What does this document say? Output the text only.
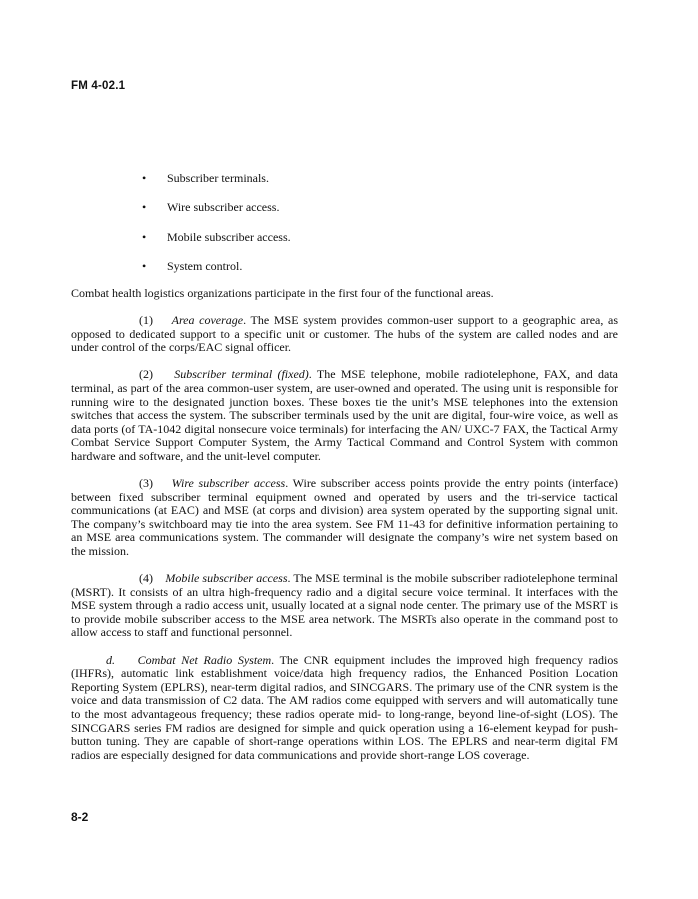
FM 4-02.1
• Subscriber terminals.
• Wire subscriber access.
• Mobile subscriber access.
• System control.

Combat health logistics organizations participate in the first four of the functional areas.

(1) Area coverage. The MSE system provides common-user support to a geographic area, as opposed to dedicated support to a specific unit or customer. The hubs of the system are called nodes and are under control of the corps/EAC signal officer.

(2) Subscriber terminal (fixed). The MSE telephone, mobile radiotelephone, FAX, and data terminal, as part of the area common-user system, are user-owned and operated. The using unit is responsible for running wire to the designated junction boxes. These boxes tie the unit’s MSE telephones into the extension switches that access the system. The subscriber terminals used by the unit are digital, four-wire voice, as well as data ports (of TA-1042 digital nonsecure voice terminals) for interfacing the AN/ UXC-7 FAX, the Tactical Army Combat Service Support Computer System, the Army Tactical Command and Control System with common hardware and software, and the unit-level computer.

(3) Wire subscriber access. Wire subscriber access points provide the entry points (interface) between fixed subscriber terminal equipment owned and operated by users and the tri-service tactical communications (at EAC) and MSE (at corps and division) area system operated by the supporting signal unit. The company’s switchboard may tie into the area system. See FM 11-43 for definitive information pertaining to an MSE area communications system. The commander will designate the company’s wire net system based on the mission.

(4) Mobile subscriber access. The MSE terminal is the mobile subscriber radiotelephone terminal (MSRT). It consists of an ultra high-frequency radio and a digital secure voice terminal. It interfaces with the MSE system through a radio access unit, usually located at a signal node center. The primary use of the MSRT is to provide mobile subscriber access to the MSE area network. The MSRTs also operate in the command post to allow access to staff and functional personnel.

d. Combat Net Radio System. The CNR equipment includes the improved high frequency radios (IHFRs), automatic link establishment voice/data high frequency radios, the Enhanced Position Location Reporting System (EPLRS), near-term digital radios, and SINCGARS. The primary use of the CNR system is the voice and data transmission of C2 data. The AM radios come equipped with servers and will automatically tune to the most advantageous frequency; these radios operate mid- to long-range, beyond line-of-sight (LOS). The SINCGARS series FM radios are designed for simple and quick operation using a 16-element keypad for push-button tuning. They are capable of short-range operations within LOS. The EPLRS and near-term digital FM radios are especially designed for data communications and provide short-range LOS coverage.

8-2
